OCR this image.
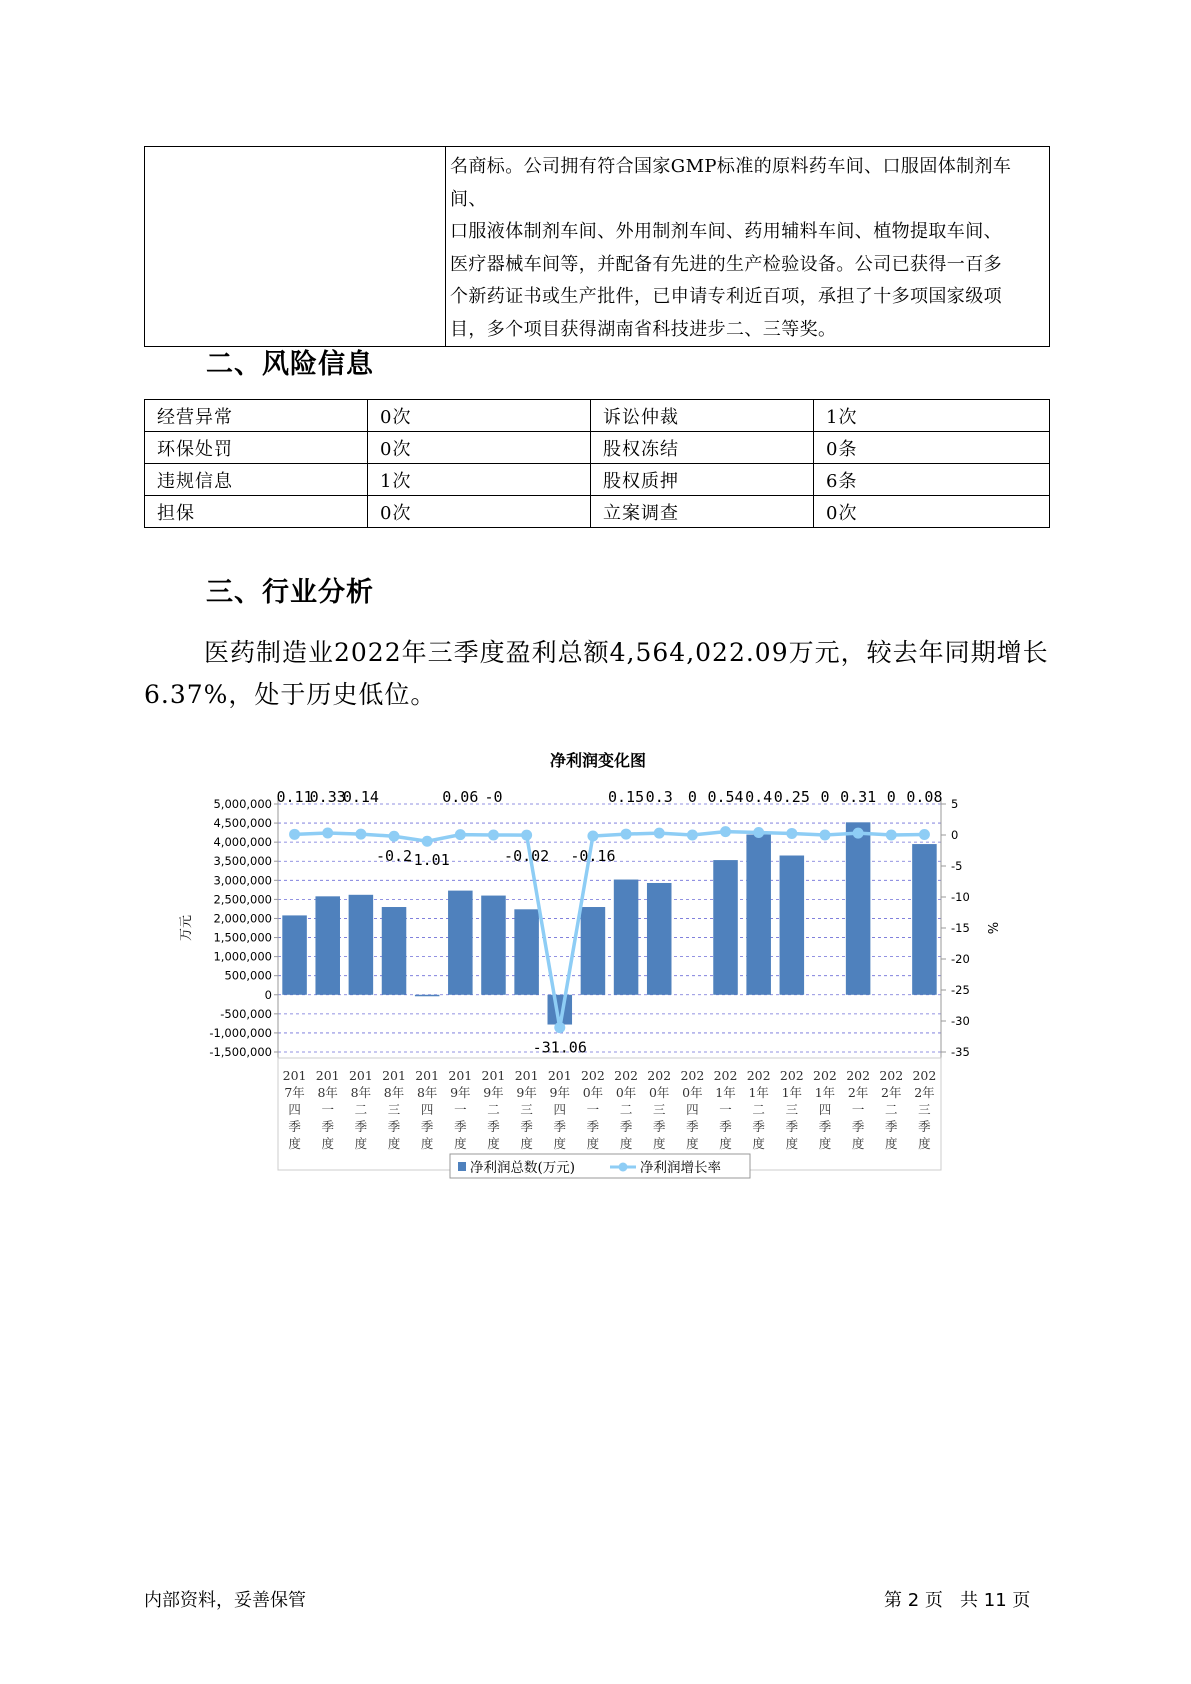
名商标。公司拥有符合国家GMP标准的原料药车间、口服固体制剂车间、
口服液体制剂车间、外用制剂车间、药用辅料车间、植物提取车间、
医疗器械车间等，并配备有先进的生产检验设备。公司已获得一百多
个新药证书或生产批件，已申请专利近百项，承担了十多项国家级项
目，多个项目获得湖南省科技进步二、三等奖。
二、风险信息
经营异常	0次	诉讼仲裁	1次
环保处罚	0次	股权冻结	0条
违规信息	1次	股权质押	6条
担保	0次	立案调查	0次
三、行业分析

医药制造业2022年三季度盈利总额4,564,022.09万元，较去年同期增长6.37%，处于历史低位。

净利润变化图
5,000,000
4,500,000
4,000,000
3,500,000
3,000,000
2,500,000
2,000,000
1,500,000
1,000,000
500,000
0
-500,000
-1,000,000
-1,500,000
5
0
-5
-10
-15
-20
-25
-30
-35
万元	%
0.11
0.33
0.14
-0.2
-1.01
0.06 -0
-0.02
-31.06
-0.16
0.15 0.3 0 0.54 0.4 0.25 0 0.31 0 0.08
201
7年
四
季
度
201
8年
一
季
度
201
8年
二
季
度
201
8年
三
季
度
201
8年
四
季
度
201
9年
一
季
度
201
9年
二
季
度
201
9年
三
季
度
201
9年
四
季
度
202
0年
一
季
度
202
0年
二
季
度
202
0年
三
季
度
202
0年
四
季
度
202
1年
一
季
度
202
1年
二
季
度
202
1年
三
季
度
202
1年
四
季
度
202
2年
一
季
度
202
2年
二
季
度
202
2年
三
季
度
净利润总数(万元)	净利润增长率
内部资料，妥善保管	第 2 页   共 11 页
